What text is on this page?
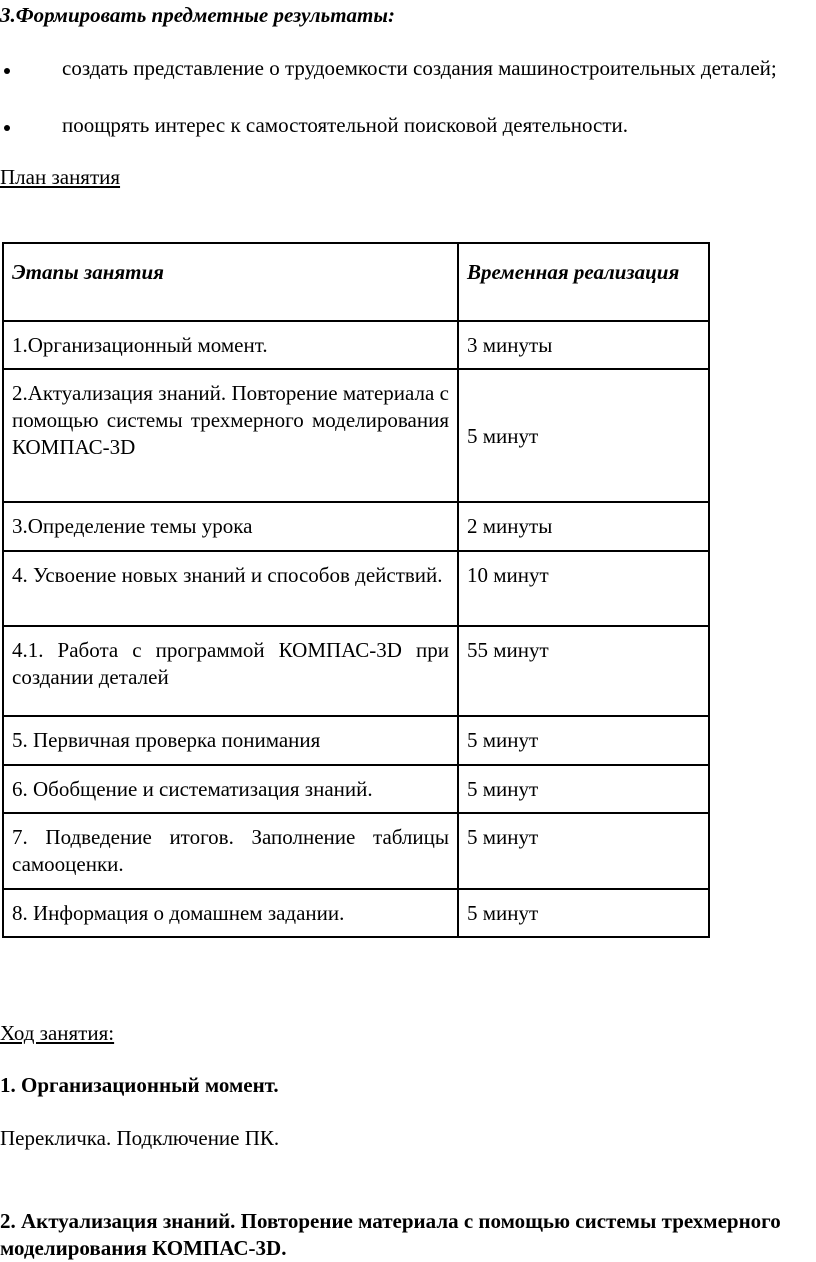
3.Формировать предметные результаты:
создать представление о трудоемкости создания машиностроительных деталей;
поощрять интерес к самостоятельной поисковой деятельности.
План занятия
Этапы занятия	Временная реализация
1.Организационный момент.	3 минуты
2.Актуализация знаний. Повторение материала с помощью системы трехмерного моделирования КОМПАС-3D	5 минут
3.Определение темы урока	2 минуты
4. Усвоение новых знаний и способов действий.	10 минут
4.1. Работа с программой КОМПАС-3D при создании деталей	55 минут
5. Первичная проверка понимания	5 минут
6. Обобщение и систематизация знаний.	5 минут
7. Подведение итогов. Заполнение таблицы самооценки.	5 минут
8. Информация о домашнем задании.	5 минут
Ход занятия:
1. Организационный момент.
Перекличка. Подключение ПК.
2. Актуализация знаний. Повторение материала с помощью системы трехмерного моделирования КОМПАС-3D.
